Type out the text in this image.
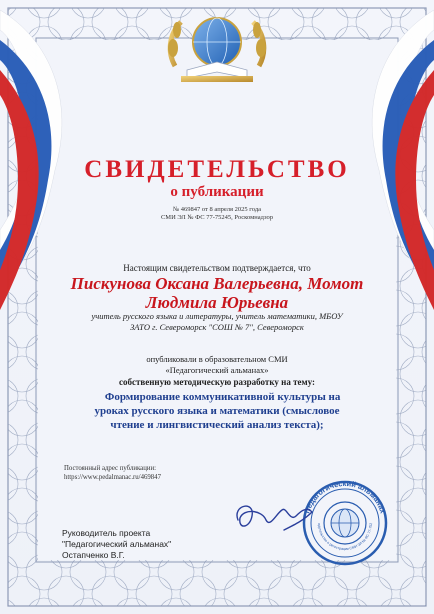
Педагогический альманах
идетельство о регистрации СМИ ЭЛ № ФС 77-752
СВИДЕТЕЛЬСТВО
о публикации
№ 469847 от 8 апреля 2025 года
СМИ ЭЛ № ФС 77-75245, Роскомнадзор
Настоящим свидетельством подтверждается, что
Пискунова Оксана Валерьевна, Момот
Людмила Юрьевна
учитель русского языка и литературы, учитель математики, МБОУ
ЗАТО г. Североморск "СОШ № 7", Североморск
опубликовали в образовательном СМИ
«Педагогический альманах»
собственную методическую разработку на тему:
Формирование коммуникативной культуры на
уроках русского языка и математики (смысловое
чтение и лингвистический анализ текста);
Постоянный адрес публикации:
https://www.pedalmanac.ru/469847
Руководитель проекта
"Педагогический альманах"
Остапченко В.Г.
